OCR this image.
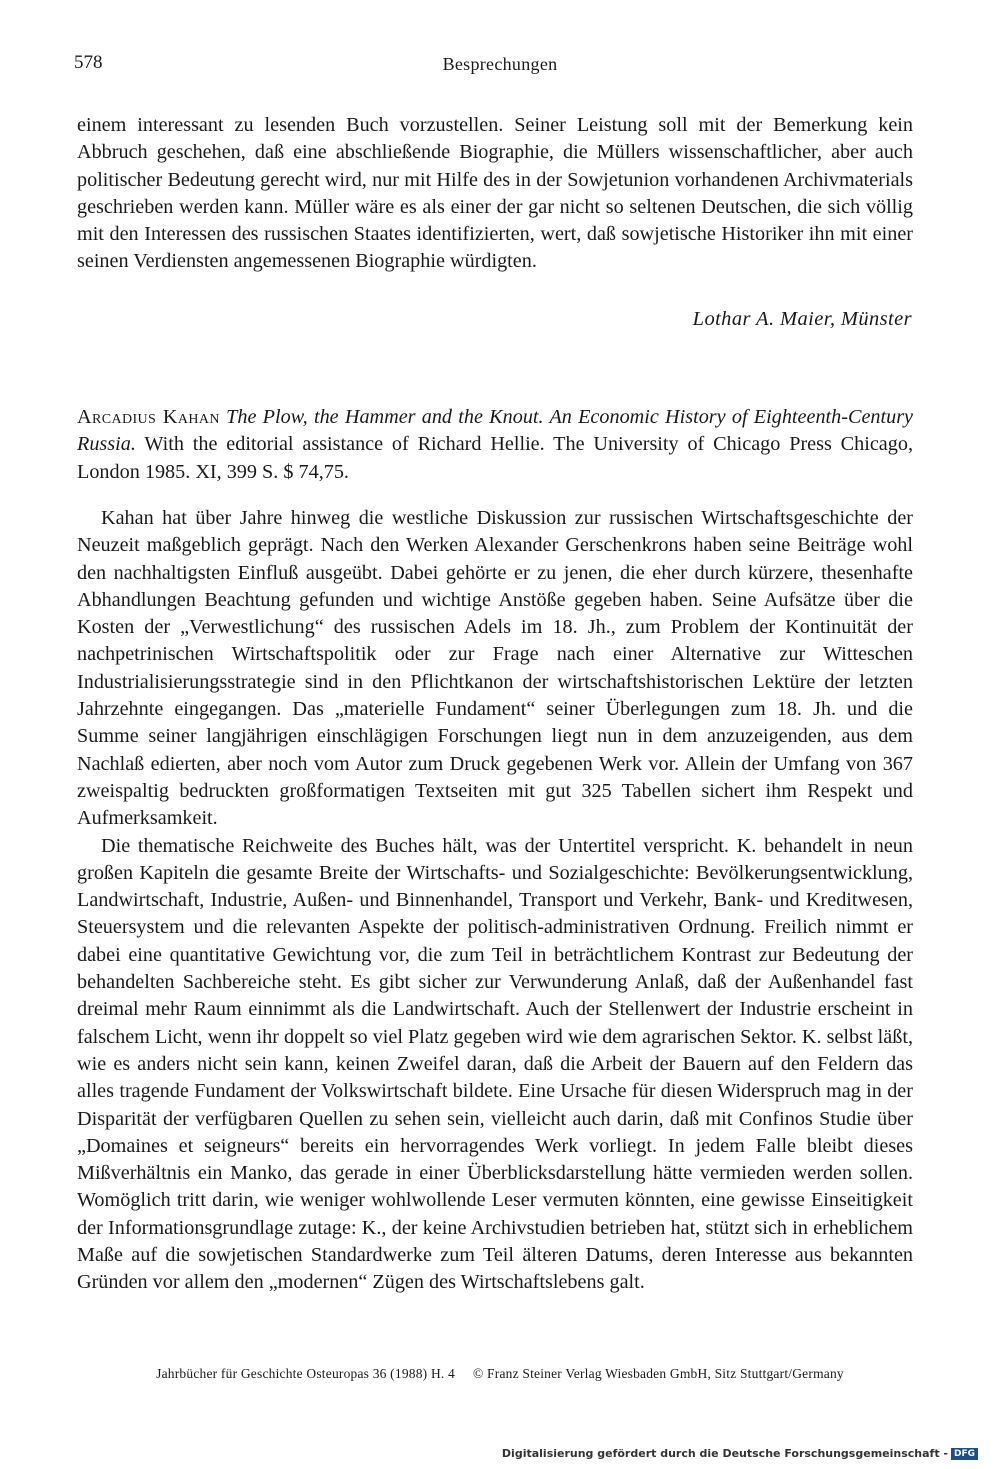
578	Besprechungen

einem interessant zu lesenden Buch vorzustellen. Seiner Leistung soll mit der Bemerkung kein Abbruch geschehen, daß eine abschließende Biographie, die Müllers wissenschaftlicher, aber auch politischer Bedeutung gerecht wird, nur mit Hilfe des in der Sowjetunion vorhandenen Archivmaterials geschrieben werden kann. Müller wäre es als einer der gar nicht so seltenen Deutschen, die sich völlig mit den Interessen des russischen Staates identifizierten, wert, daß sowjetische Historiker ihn mit einer seinen Verdiensten angemessenen Biographie würdigten.

Lothar A. Maier, Münster
Arcadius Kahan The Plow, the Hammer and the Knout. An Economic History of Eighteenth-Century Russia. With the editorial assistance of Richard Hellie. The University of Chicago Press Chicago, London 1985. XI, 399 S. $ 74,75.

Kahan hat über Jahre hinweg die westliche Diskussion zur russischen Wirtschaftsgeschichte der Neuzeit maßgeblich geprägt. Nach den Werken Alexander Gerschenkrons haben seine Beiträge wohl den nachhaltigsten Einfluß ausgeübt. Dabei gehörte er zu jenen, die eher durch kürzere, thesenhafte Abhandlungen Beachtung gefunden und wichtige Anstöße gegeben haben. Seine Aufsätze über die Kosten der „Verwestlichung“ des russischen Adels im 18. Jh., zum Problem der Kontinuität der nachpetrinischen Wirtschaftspolitik oder zur Frage nach einer Alternative zur Witteschen Industrialisierungsstrategie sind in den Pflichtkanon der wirtschaftshistorischen Lektüre der letzten Jahrzehnte eingegangen. Das „materielle Fundament“ seiner Überlegungen zum 18. Jh. und die Summe seiner langjährigen einschlägigen Forschungen liegt nun in dem anzuzeigenden, aus dem Nachlaß edierten, aber noch vom Autor zum Druck gegebenen Werk vor. Allein der Umfang von 367 zweispaltig bedruckten großformatigen Textseiten mit gut 325 Tabellen sichert ihm Respekt und Aufmerksamkeit.

Die thematische Reichweite des Buches hält, was der Untertitel verspricht. K. behandelt in neun großen Kapiteln die gesamte Breite der Wirtschafts- und Sozialgeschichte: Bevölkerungsentwicklung, Landwirtschaft, Industrie, Außen- und Binnenhandel, Transport und Verkehr, Bank- und Kreditwesen, Steuersystem und die relevanten Aspekte der politisch-administrativen Ordnung. Freilich nimmt er dabei eine quantitative Gewichtung vor, die zum Teil in beträchtlichem Kontrast zur Bedeutung der behandelten Sachbereiche steht. Es gibt sicher zur Verwunderung Anlaß, daß der Außenhandel fast dreimal mehr Raum einnimmt als die Landwirtschaft. Auch der Stellenwert der Industrie erscheint in falschem Licht, wenn ihr doppelt so viel Platz gegeben wird wie dem agrarischen Sektor. K. selbst läßt, wie es anders nicht sein kann, keinen Zweifel daran, daß die Arbeit der Bauern auf den Feldern das alles tragende Fundament der Volkswirtschaft bildete. Eine Ursache für diesen Widerspruch mag in der Disparität der verfügbaren Quellen zu sehen sein, vielleicht auch darin, daß mit Confinos Studie über „Domaines et seigneurs“ bereits ein hervorragendes Werk vorliegt. In jedem Falle bleibt dieses Mißverhältnis ein Manko, das gerade in einer Überblicksdarstellung hätte vermieden werden sollen. Womöglich tritt darin, wie weniger wohlwollende Leser vermuten könnten, eine gewisse Einseitigkeit der Informationsgrundlage zutage: K., der keine Archivstudien betrieben hat, stützt sich in erheblichem Maße auf die sowjetischen Standardwerke zum Teil älteren Datums, deren Interesse aus bekannten Gründen vor allem den „modernen“ Zügen des Wirtschaftslebens galt.

Jahrbücher für Geschichte Osteuropas 36 (1988) H. 4 © Franz Steiner Verlag Wiesbaden GmbH, Sitz Stuttgart/Germany
Digitalisierung gefördert durch die Deutsche Forschungsgemeinschaft - DFG
